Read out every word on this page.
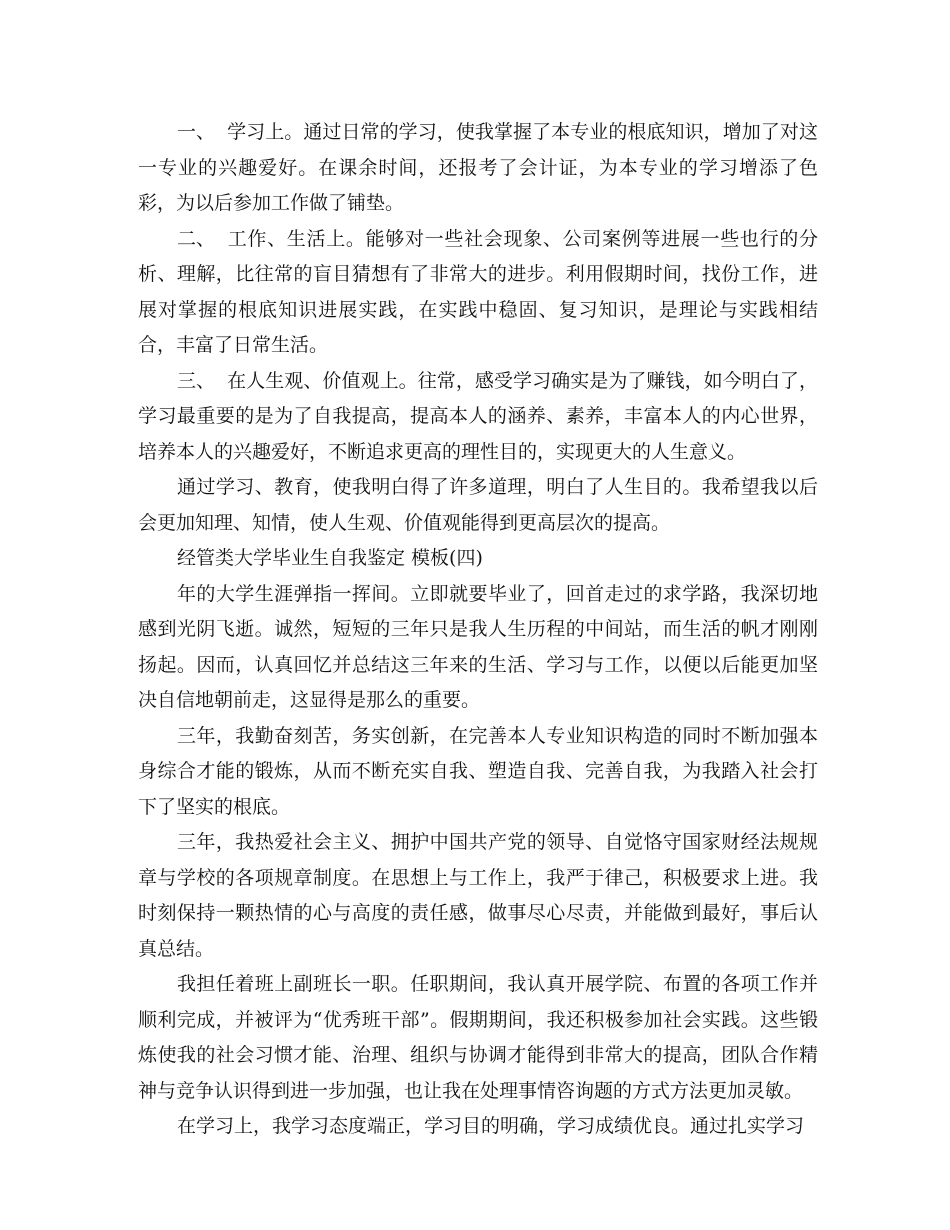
一、 学习上。通过日常的学习，使我掌握了本专业的根底知识，增加了对这一专业的兴趣爱好。在课余时间，还报考了会计证，为本专业的学习增添了色彩，为以后参加工作做了铺垫。

二、 工作、生活上。能够对一些社会现象、公司案例等进展一些也行的分析、理解，比往常的盲目猜想有了非常大的进步。利用假期时间，找份工作，进展对掌握的根底知识进展实践，在实践中稳固、复习知识，是理论与实践相结合，丰富了日常生活。

三、 在人生观、价值观上。往常，感受学习确实是为了赚钱，如今明白了，学习最重要的是为了自我提高，提高本人的涵养、素养，丰富本人的内心世界，培养本人的兴趣爱好，不断追求更高的理性目的，实现更大的人生意义。

通过学习、教育，使我明白得了许多道理，明白了人生目的。我希望我以后会更加知理、知情，使人生观、价值观能得到更高层次的提高。

经管类大学毕业生自我鉴定 模板(四)

年的大学生涯弹指一挥间。立即就要毕业了，回首走过的求学路，我深切地感到光阴飞逝。诚然，短短的三年只是我人生历程的中间站，而生活的帆才刚刚扬起。因而，认真回忆并总结这三年来的生活、学习与工作，以便以后能更加坚决自信地朝前走，这显得是那么的重要。

三年，我勤奋刻苦，务实创新，在完善本人专业知识构造的同时不断加强本身综合才能的锻炼，从而不断充实自我、塑造自我、完善自我，为我踏入社会打下了坚实的根底。

三年，我热爱社会主义、拥护中国共产党的领导、自觉恪守国家财经法规规章与学校的各项规章制度。在思想上与工作上，我严于律己，积极要求上进。我时刻保持一颗热情的心与高度的责任感，做事尽心尽责，并能做到最好，事后认真总结。

我担任着班上副班长一职。任职期间，我认真开展学院、布置的各项工作并顺利完成，并被评为“优秀班干部”。假期期间，我还积极参加社会实践。这些锻炼使我的社会习惯才能、治理、组织与协调才能得到非常大的提高，团队合作精神与竞争认识得到进一步加强，也让我在处理事情咨询题的方式方法更加灵敏。

在学习上，我学习态度端正，学习目的明确，学习成绩优良。通过扎实学习
